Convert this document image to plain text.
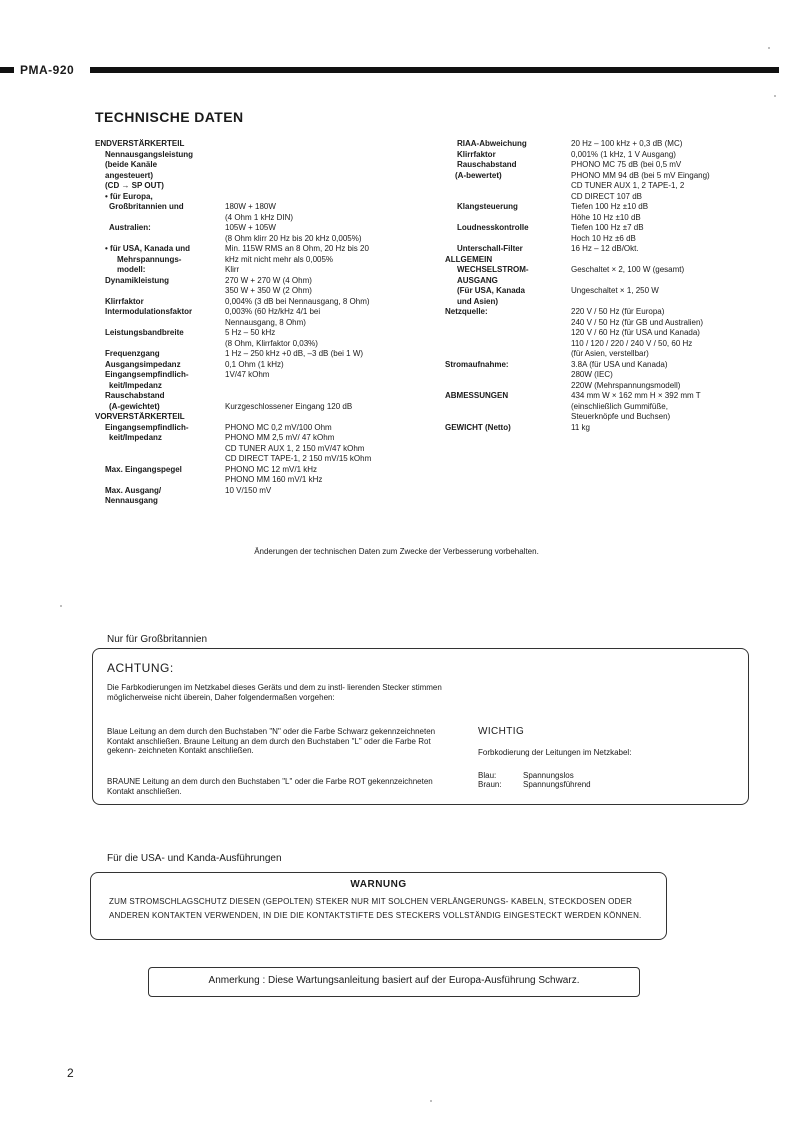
PMA-920
TECHNISCHE DATEN
ENDVERSTÄRKERTEIL
Nennausgangsleistung
(beide Kanäle
angesteuert)
(CD → SP OUT)
• für Europa,
Großbritannien und	180W + 180W
(4 Ohm 1 kHz DIN)
Australien:	105W + 105W
(8 Ohm klirr 20 Hz bis 20 kHz 0,005%)
• für USA, Kanada und	Min. 115W RMS an 8 Ohm, 20 Hz bis 20
Mehrspannungs-	kHz mit nicht mehr als 0,005%
modell:	Klirr
Dynamikleistung	270 W + 270 W (4 Ohm)
350 W + 350 W (2 Ohm)
Klirrfaktor	0,004% (3 dB bei Nennausgang, 8 Ohm)
Intermodulationsfaktor	0,003% (60 Hz/kHz 4/1 bei
Nennausgang, 8 Ohm)
Leistungsbandbreite	5 Hz – 50 kHz
(8 Ohm, Klirrfaktor 0,03%)
Frequenzgang	1 Hz – 250 kHz +0 dB, –3 dB (bei 1 W)
Ausgangsimpedanz	0,1 Ohm (1 kHz)
Eingangsempfindlich-	1V/47 kOhm
keit/Impedanz
Rauschabstand
(A-gewichtet)	Kurzgeschlossener Eingang 120 dB
VORVERSTÄRKERTEIL
Eingangsempfindlich-	PHONO MC 0,2 mV/100 Ohm
keit/Impedanz	PHONO MM 2,5 mV/ 47 kOhm
CD TUNER AUX 1, 2 150 mV/47 kOhm
CD DIRECT TAPE-1, 2 150 mV/15 kOhm
Max. Eingangspegel	PHONO MC 12 mV/1 kHz
PHONO MM 160 mV/1 kHz
Max. Ausgang/	10 V/150 mV
Nennausgang
RIAA-Abweichung	20 Hz – 100 kHz + 0,3 dB (MC)
Klirrfaktor	0,001% (1 kHz, 1 V Ausgang)
Rauschabstand	PHONO MC 75 dB (bei 0,5 mV
(A-bewertet)	PHONO MM 94 dB (bei 5 mV Eingang)
CD TUNER AUX 1, 2 TAPE-1, 2
CD DIRECT 107 dB
Klangsteuerung	Tiefen 100 Hz ±10 dB
Höhe 10 Hz ±10 dB
Loudnesskontrolle	Tiefen 100 Hz ±7 dB
Hoch 10 Hz ±6 dB
Unterschall-Filter	16 Hz – 12 dB/Okt.
ALLGEMEIN
WECHSELSTROM-	Geschaltet × 2, 100 W (gesamt)
AUSGANG
(Für USA, Kanada	Ungeschaltet × 1, 250 W
und Asien)
Netzquelle:	220 V / 50 Hz (für Europa)
240 V / 50 Hz (für GB und Australien)
120 V / 60 Hz (für USA und Kanada)
110 / 120 / 220 / 240 V / 50, 60 Hz
(für Asien, verstellbar)
Stromaufnahme:	3.8A (für USA und Kanada)
280W (IEC)
220W (Mehrspannungsmodell)
ABMESSUNGEN	434 mm W × 162 mm H × 392 mm T
(einschließlich Gummifüße,
Steuerknöpfe und Buchsen)
GEWICHT (Netto)	11 kg
Änderungen der technischen Daten zum Zwecke der Verbesserung vorbehalten.
Nur für Großbritannien
ACHTUNG:
Die Farbkodierungen im Netzkabel dieses Geräts und dem zu instl- lierenden Stecker stimmen möglicherweise nicht überein, Daher folgendermaßen vorgehen:
Blaue Leitung an dem durch den Buchstaben "N" oder die Farbe Schwarz gekennzeichneten Kontakt anschließen. Braune Leitung an dem durch den Buchstaben "L" oder die Farbe Rot gekenn- zeichneten Kontakt anschließen.
BRAUNE Leitung an dem durch den Buchstaben "L" oder die Farbe ROT gekennzeichneten Kontakt anschließen.
WICHTIG
Forbkodierung der Leitungen im Netzkabel:
Blau:	Spannungslos
Braun:	Spannungsführend
Für die USA- und Kanda-Ausführungen
WARNUNG
ZUM STROMSCHLAGSCHUTZ DIESEN (GEPOLTEN) STEKER NUR MIT SOLCHEN VERLÄNGERUNGS- KABELN, STECKDOSEN ODER ANDEREN KONTAKTEN VERWENDEN, IN DIE DIE KONTAKTSTIFTE DES STECKERS VOLLSTÄNDIG EINGESTECKT WERDEN KÖNNEN.
Anmerkung : Diese Wartungsanleitung basiert auf der Europa-Ausführung Schwarz.
2
